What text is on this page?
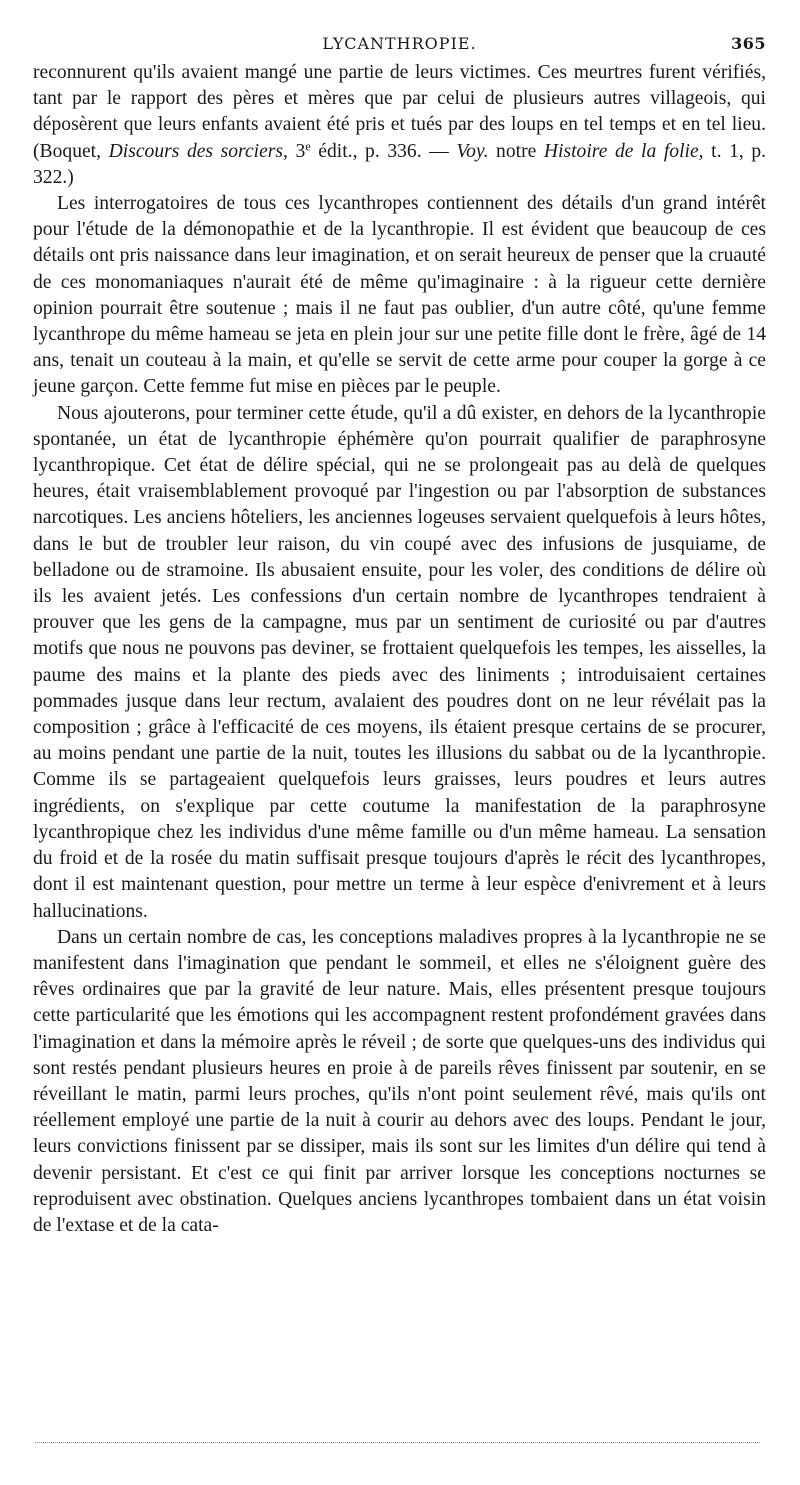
LYCANTHROPIE.	365

reconnurent qu'ils avaient mangé une partie de leurs victimes. Ces meurtres furent vérifiés, tant par le rapport des pères et mères que par celui de plusieurs autres villageois, qui déposèrent que leurs enfants avaient été pris et tués par des loups en tel temps et en tel lieu. (Boquet, Discours des sorciers, 3e édit., p. 336. — Voy. notre Histoire de la folie, t. 1, p. 322.)

Les interrogatoires de tous ces lycanthropes contiennent des détails d'un grand intérêt pour l'étude de la démonopathie et de la lycanthropie. Il est évident que beaucoup de ces détails ont pris naissance dans leur imagination, et on serait heureux de penser que la cruauté de ces monomaniaques n'aurait été de même qu'imaginaire : à la rigueur cette dernière opinion pourrait être soutenue ; mais il ne faut pas oublier, d'un autre côté, qu'une femme lycanthrope du même hameau se jeta en plein jour sur une petite fille dont le frère, âgé de 14 ans, tenait un couteau à la main, et qu'elle se servit de cette arme pour couper la gorge à ce jeune garçon. Cette femme fut mise en pièces par le peuple.

Nous ajouterons, pour terminer cette étude, qu'il a dû exister, en dehors de la lycanthropie spontanée, un état de lycanthropie éphémère qu'on pourrait qualifier de paraphrosyne lycanthropique. Cet état de délire spécial, qui ne se prolongeait pas au delà de quelques heures, était vraisemblablement provoqué par l'ingestion ou par l'absorption de substances narcotiques. Les anciens hôteliers, les anciennes logeuses servaient quelquefois à leurs hôtes, dans le but de troubler leur raison, du vin coupé avec des infusions de jusquiame, de belladone ou de stramoine. Ils abusaient ensuite, pour les voler, des conditions de délire où ils les avaient jetés. Les confessions d'un certain nombre de lycanthropes tendraient à prouver que les gens de la campagne, mus par un sentiment de curiosité ou par d'autres motifs que nous ne pouvons pas deviner, se frottaient quelquefois les tempes, les aisselles, la paume des mains et la plante des pieds avec des liniments ; introduisaient certaines pommades jusque dans leur rectum, avalaient des poudres dont on ne leur révélait pas la composition ; grâce à l'efficacité de ces moyens, ils étaient presque certains de se procurer, au moins pendant une partie de la nuit, toutes les illusions du sabbat ou de la lycanthropie. Comme ils se partageaient quelquefois leurs graisses, leurs poudres et leurs autres ingrédients, on s'explique par cette coutume la manifestation de la paraphrosyne lycanthropique chez les individus d'une même famille ou d'un même hameau. La sensation du froid et de la rosée du matin suffisait presque toujours d'après le récit des lycanthropes, dont il est maintenant question, pour mettre un terme à leur espèce d'enivrement et à leurs hallucinations.

Dans un certain nombre de cas, les conceptions maladives propres à la lycanthropie ne se manifestent dans l'imagination que pendant le sommeil, et elles ne s'éloignent guère des rêves ordinaires que par la gravité de leur nature. Mais, elles présentent presque toujours cette particularité que les émotions qui les accompagnent restent profondément gravées dans l'imagination et dans la mémoire après le réveil ; de sorte que quelques-uns des individus qui sont restés pendant plusieurs heures en proie à de pareils rêves finissent par soutenir, en se réveillant le matin, parmi leurs proches, qu'ils n'ont point seulement rêvé, mais qu'ils ont réellement employé une partie de la nuit à courir au dehors avec des loups. Pendant le jour, leurs convictions finissent par se dissiper, mais ils sont sur les limites d'un délire qui tend à devenir persistant. Et c'est ce qui finit par arriver lorsque les conceptions nocturnes se reproduisent avec obstination. Quelques anciens lycanthropes tombaient dans un état voisin de l'extase et de la cata-
